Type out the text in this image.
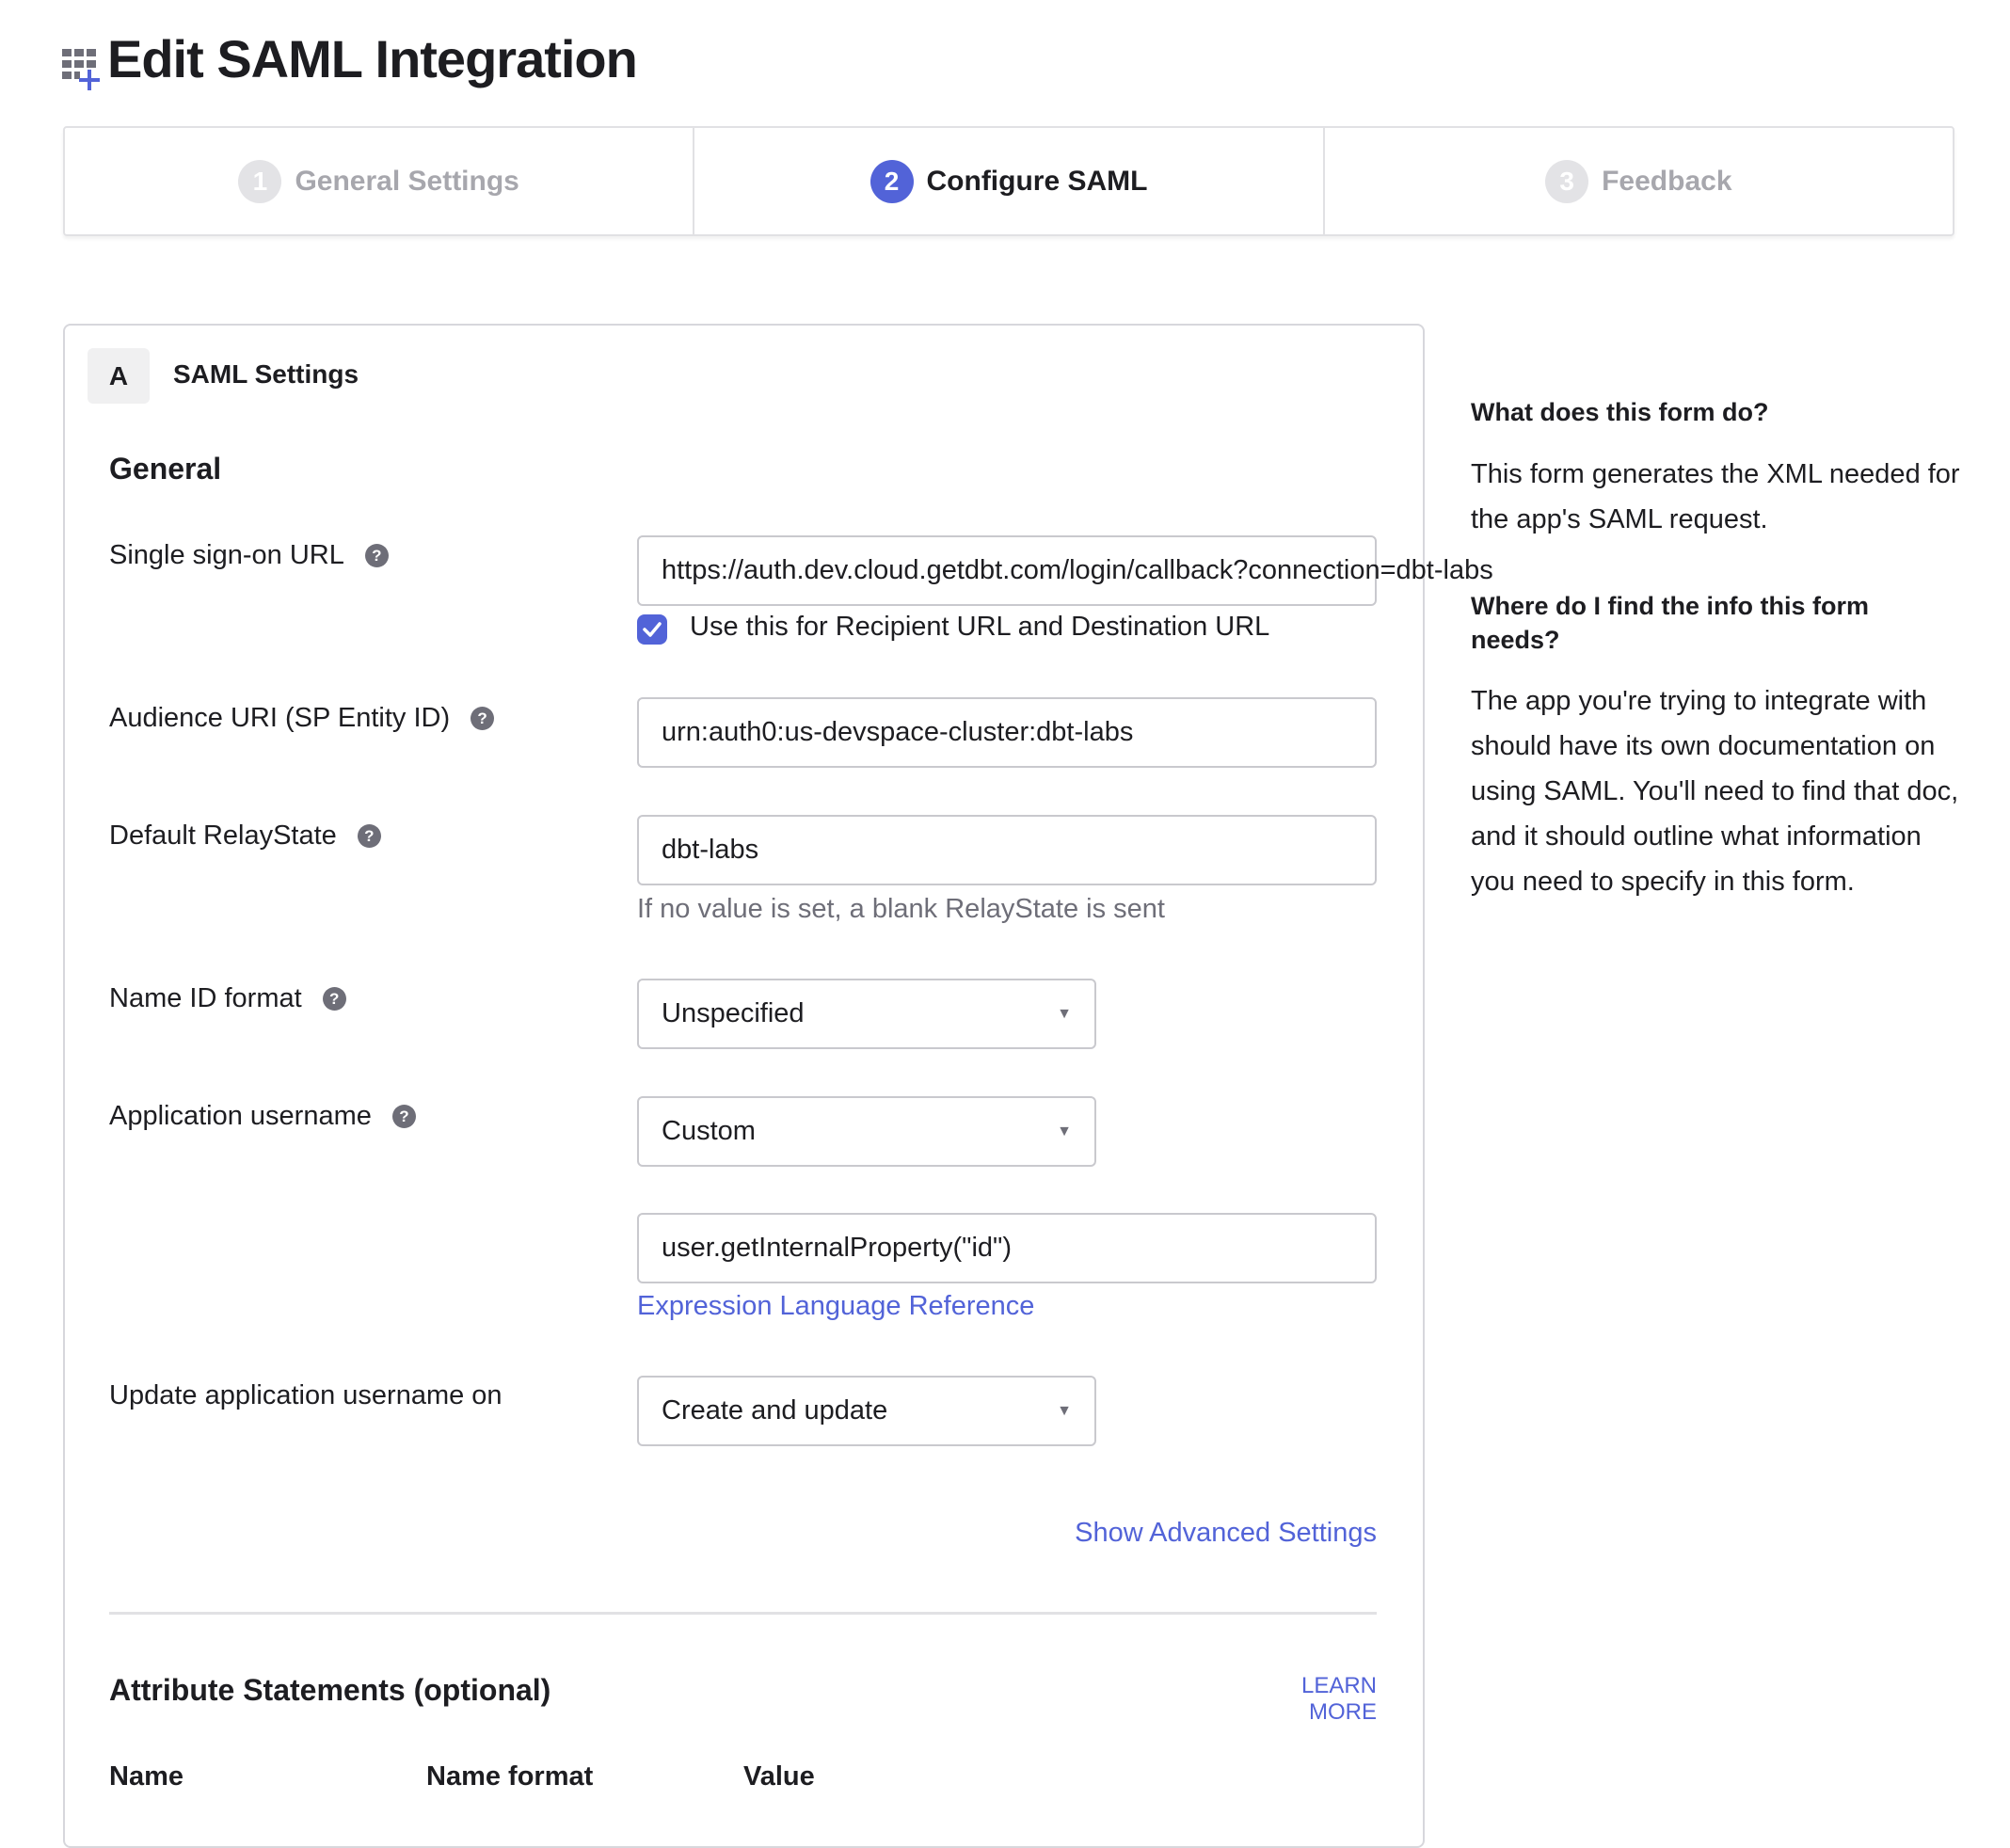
Edit SAML Integration
1 General Settings	2 Configure SAML	3 Feedback
A	SAML Settings
General
Single sign-on URL	?	https://auth.dev.cloud.getdbt.com/login/callback?connection=dbt-labs
Use this for Recipient URL and Destination URL
Audience URI (SP Entity ID)	?	urn:auth0:us-devspace-cluster:dbt-labs
Default RelayState	?	dbt-labs
If no value is set, a blank RelayState is sent
Name ID format	?	Unspecified	▼
Application username	?	Custom	▼
user.getInternalProperty("id")
Expression Language Reference
Update application username on	Create and update	▼
Show Advanced Settings
Attribute Statements (optional)	LEARN MORE
Name	Name format	Value
What does this form do?
This form generates the XML needed for the app's SAML request.
Where do I find the info this form needs?
The app you're trying to integrate with should have its own documentation on using SAML. You'll need to find that doc, and it should outline what information you need to specify in this form.
